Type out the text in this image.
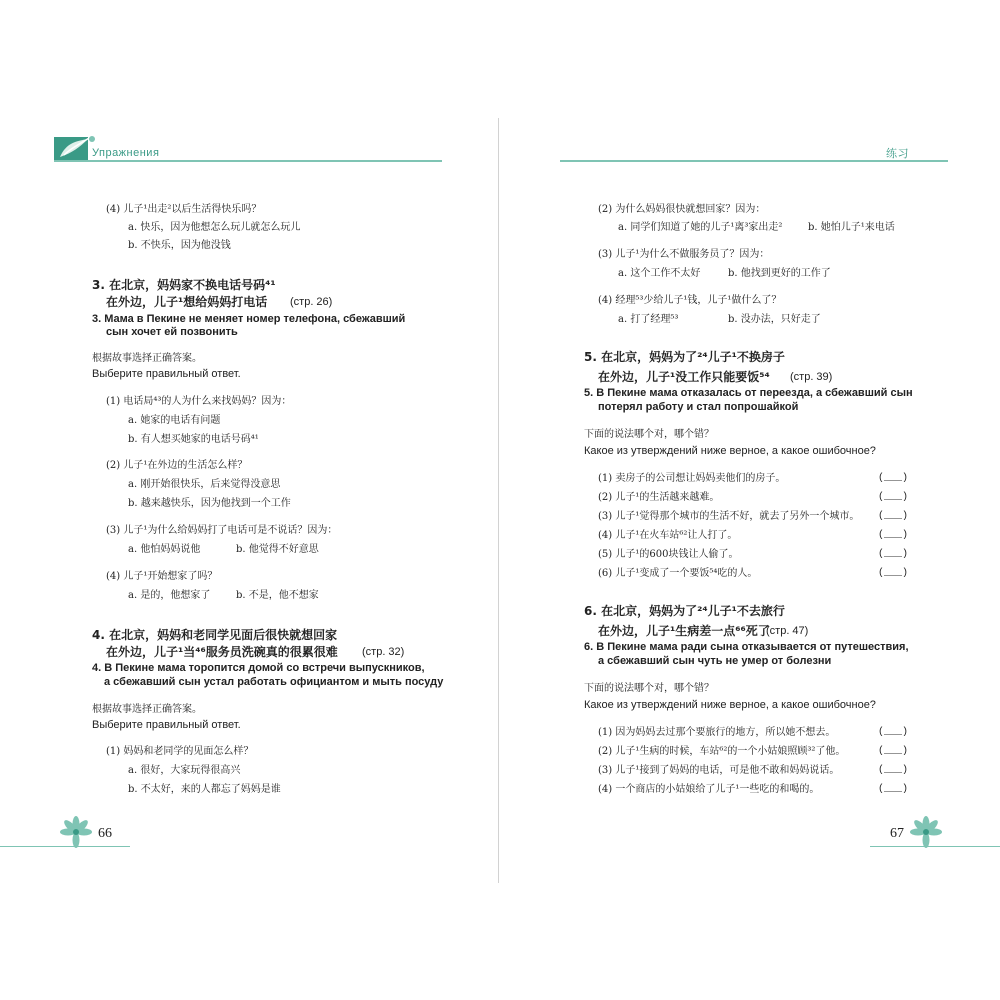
Упражнения	练习
(4) 儿子¹出走²以后生活得快乐吗？
a. 快乐，因为他想怎么玩儿就怎么玩儿
b. 不快乐，因为他没钱
3. 在北京，妈妈家不换电话号码⁴¹
在外边，儿子¹想给妈妈打电话 (стр. 26)
3. Мама в Пекине не меняет номер телефона, сбежавший
сын хочет ей позвонить
根据故事选择正确答案。
Выберите правильный ответ.
(1) 电话局⁴³的人为什么来找妈妈？因为：
a. 她家的电话有问题
b. 有人想买她家的电话号码⁴¹
(2) 儿子¹在外边的生活怎么样？
a. 刚开始很快乐，后来觉得没意思
b. 越来越快乐，因为他找到一个工作
(3) 儿子¹为什么给妈妈打了电话可是不说话？因为：
a. 他怕妈妈说他	b. 他觉得不好意思
(4) 儿子¹开始想家了吗？
a. 是的，他想家了	b. 不是，他不想家
4. 在北京，妈妈和老同学见面后很快就想回家
在外边，儿子¹当⁴⁶服务员洗碗真的很累很难 (стр. 32)
4. В Пекине мама торопится домой со встречи выпускников,
а сбежавший сын устал работать официантом и мыть посуду
根据故事选择正确答案。
Выберите правильный ответ.
(1) 妈妈和老同学的见面怎么样？
a. 很好，大家玩得很高兴
b. 不太好，来的人都忘了妈妈是谁
66
(2) 为什么妈妈很快就想回家？因为：
a. 同学们知道了她的儿子¹离³家出走²	b. 她怕儿子¹来电话
(3) 儿子¹为什么不做服务员了？因为：
a. 这个工作不太好	b. 他找到更好的工作了
(4) 经理⁵³少给儿子¹钱，儿子¹做什么了？
a. 打了经理⁵³	b. 没办法，只好走了
5. 在北京，妈妈为了²⁴儿子¹不换房子
在外边，儿子¹没工作只能要饭⁵⁴ (стр. 39)
5. В Пекине мама отказалась от переезда, а сбежавший сын
потерял работу и стал попрошайкой
下面的说法哪个对，哪个错？
Какое из утверждений ниже верное, а какое ошибочное?
(1) 卖房子的公司想让妈妈卖他们的房子。	(___)
(2) 儿子¹的生活越来越难。	(___)
(3) 儿子¹觉得那个城市的生活不好，就去了另外一个城市。 (___)
(4) 儿子¹在火车站⁶²让人打了。	(___)
(5) 儿子¹的600块钱让人偷了。	(___)
(6) 儿子¹变成了一个要饭⁵⁴吃的人。	(___)
6. 在北京，妈妈为了²⁴儿子¹不去旅行
在外边，儿子¹生病差一点⁶⁶死了
(стр. 47)
6. В Пекине мама ради сына отказывается от путешествия,
а сбежавший сын чуть не умер от болезни
下面的说法哪个对，哪个错？
Какое из утверждений ниже верное, а какое ошибочное?
(1) 因为妈妈去过那个要旅行的地方，所以她不想去。	(___)
(2) 儿子¹生病的时候，车站⁶²的一个小姑娘照顾³²了他。	(___)
(3) 儿子¹接到了妈妈的电话，可是他不敢和妈妈说话。	(___)
(4) 一个商店的小姑娘给了儿子¹一些吃的和喝的。	(___)
67
